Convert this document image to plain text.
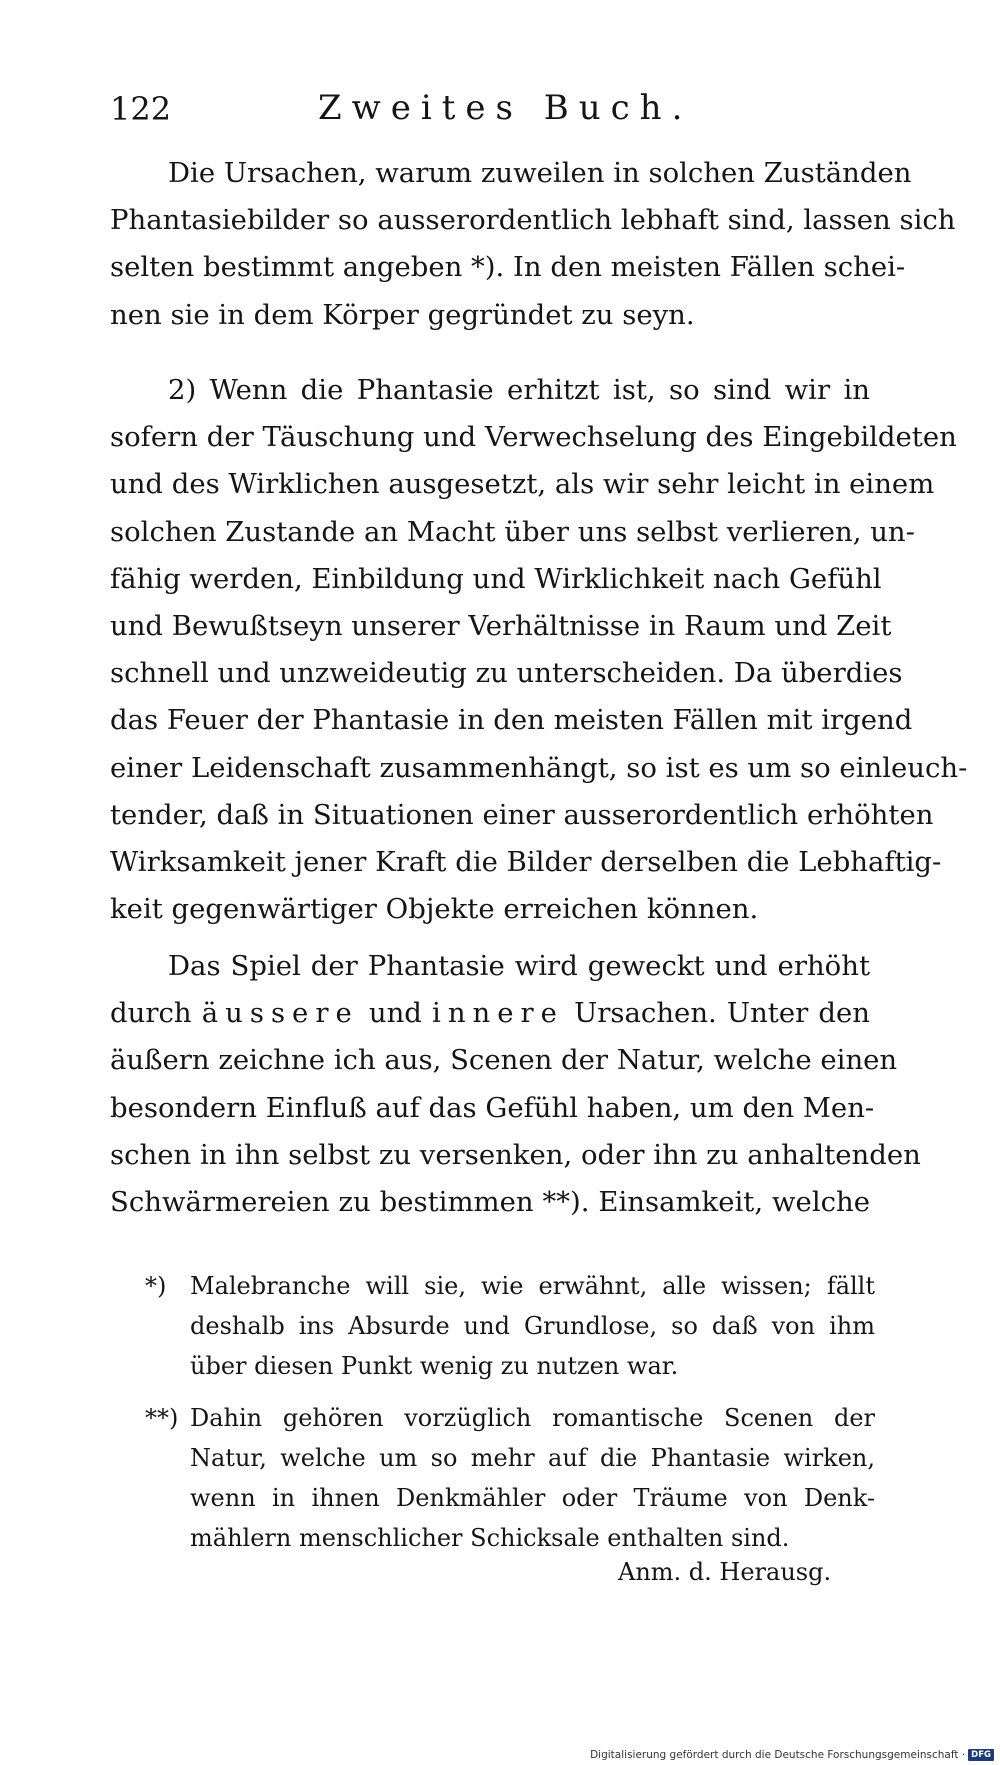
122	Zweites Buch.
Die Ursachen, warum zuweilen in solchen Zuständen
Phantasiebilder so ausserordentlich lebhaft sind, lassen sich
selten bestimmt angeben *). In den meisten Fällen schei-
nen sie in dem Körper gegründet zu seyn.
2) Wenn die Phantasie erhitzt ist, so sind wir in
sofern der Täuschung und Verwechselung des Eingebildeten
und des Wirklichen ausgesetzt, als wir sehr leicht in einem
solchen Zustande an Macht über uns selbst verlieren, un-
fähig werden, Einbildung und Wirklichkeit nach Gefühl
und Bewußtseyn unserer Verhältnisse in Raum und Zeit
schnell und unzweideutig zu unterscheiden. Da überdies
das Feuer der Phantasie in den meisten Fällen mit irgend
einer Leidenschaft zusammenhängt, so ist es um so einleuch-
tender, daß in Situationen einer ausserordentlich erhöhten
Wirksamkeit jener Kraft die Bilder derselben die Lebhaftig-
keit gegenwärtiger Objekte erreichen können.
Das Spiel der Phantasie wird geweckt und erhöht
durch äussere und innere Ursachen. Unter den
äußern zeichne ich aus, Scenen der Natur, welche einen
besondern Einfluß auf das Gefühl haben, um den Men-
schen in ihn selbst zu versenken, oder ihn zu anhaltenden
Schwärmereien zu bestimmen **). Einsamkeit, welche
*) Malebranche will sie, wie erwähnt, alle wissen; fällt
deshalb ins Absurde und Grundlose, so daß von ihm
über diesen Punkt wenig zu nutzen war.
**) Dahin gehören vorzüglich romantische Scenen der
Natur, welche um so mehr auf die Phantasie wirken,
wenn in ihnen Denkmähler oder Träume von Denk-
mählern menschlicher Schicksale enthalten sind.
Anm. d. Herausg.
Digitalisierung gefördert durch die Deutsche Forschungsgemeinschaft · DFG
